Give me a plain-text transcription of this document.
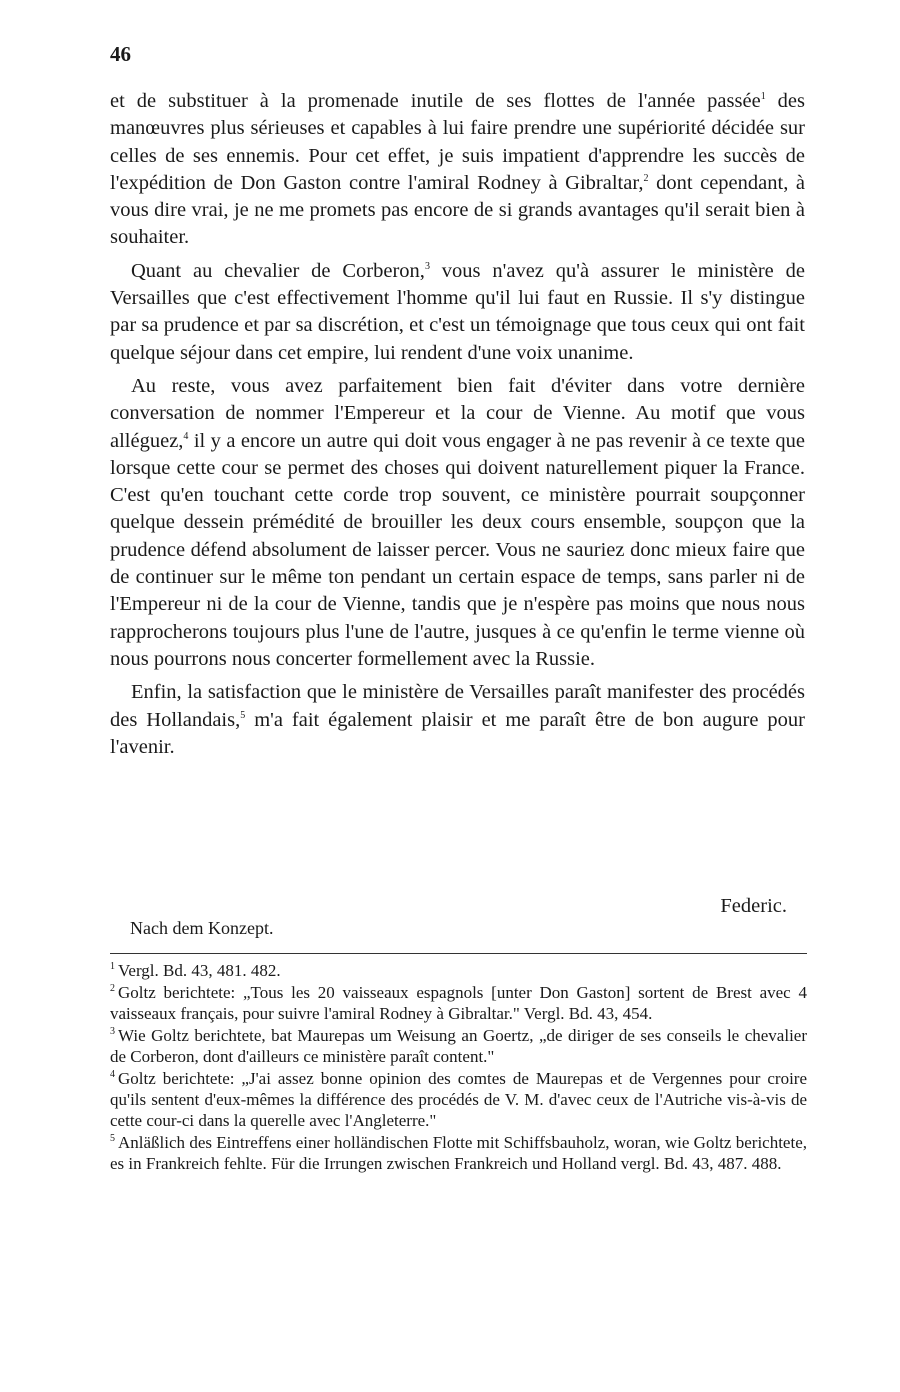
46

et de substituer à la promenade inutile de ses flottes de l'année passée$^1$ des manœuvres plus sérieuses et capables à lui faire prendre une supériorité décidée sur celles de ses ennemis. Pour cet effet, je suis impatient d'apprendre les succès de l'expédition de Don Gaston contre l'amiral Rodney à Gibraltar,$^2$ dont cependant, à vous dire vrai, je ne me promets pas encore de si grands avantages qu'il serait bien à souhaiter.

Quant au chevalier de Corberon,$^3$ vous n'avez qu'à assurer le ministère de Versailles que c'est effectivement l'homme qu'il lui faut en Russie. Il s'y distingue par sa prudence et par sa discrétion, et c'est un témoignage que tous ceux qui ont fait quelque séjour dans cet empire, lui rendent d'une voix unanime.

Au reste, vous avez parfaitement bien fait d'éviter dans votre dernière conversation de nommer l'Empereur et la cour de Vienne. Au motif que vous alléguez,$^4$ il y a encore un autre qui doit vous engager à ne pas revenir à ce texte que lorsque cette cour se permet des choses qui doivent naturellement piquer la France. C'est qu'en touchant cette corde trop souvent, ce ministère pourrait soupçonner quelque dessein prémédité de brouiller les deux cours ensemble, soupçon que la prudence défend absolument de laisser percer. Vous ne sauriez donc mieux faire que de continuer sur le même ton pendant un certain espace de temps, sans parler ni de l'Empereur ni de la cour de Vienne, tandis que je n'espère pas moins que nous nous rapprocherons toujours plus l'une de l'autre, jusques à ce qu'enfin le terme vienne où nous pourrons nous concerter formellement avec la Russie.

Enfin, la satisfaction que le ministère de Versailles paraît manifester des procédés des Hollandais,$^5$ m'a fait également plaisir et me paraît être de bon augure pour l'avenir.

Federic.
Nach dem Konzept.
$^1$ Vergl. Bd. 43, 481. 482.
$^2$ Goltz berichtete: „Tous les 20 vaisseaux espagnols [unter Don Gaston] sortent de Brest avec 4 vaisseaux français, pour suivre l'amiral Rodney à Gibraltar." Vergl. Bd. 43, 454.
$^3$ Wie Goltz berichtete, bat Maurepas um Weisung an Goertz, „de diriger de ses conseils le chevalier de Corberon, dont d'ailleurs ce ministère paraît content."
$^4$ Goltz berichtete: „J'ai assez bonne opinion des comtes de Maurepas et de Vergennes pour croire qu'ils sentent d'eux-mêmes la différence des procédés de V. M. d'avec ceux de l'Autriche vis-à-vis de cette cour-ci dans la querelle avec l'Angleterre."
$^5$ Anläßlich des Eintreffens einer holländischen Flotte mit Schiffsbauholz, woran, wie Goltz berichtete, es in Frankreich fehlte. Für die Irrungen zwischen Frankreich und Holland vergl. Bd. 43, 487. 488.
